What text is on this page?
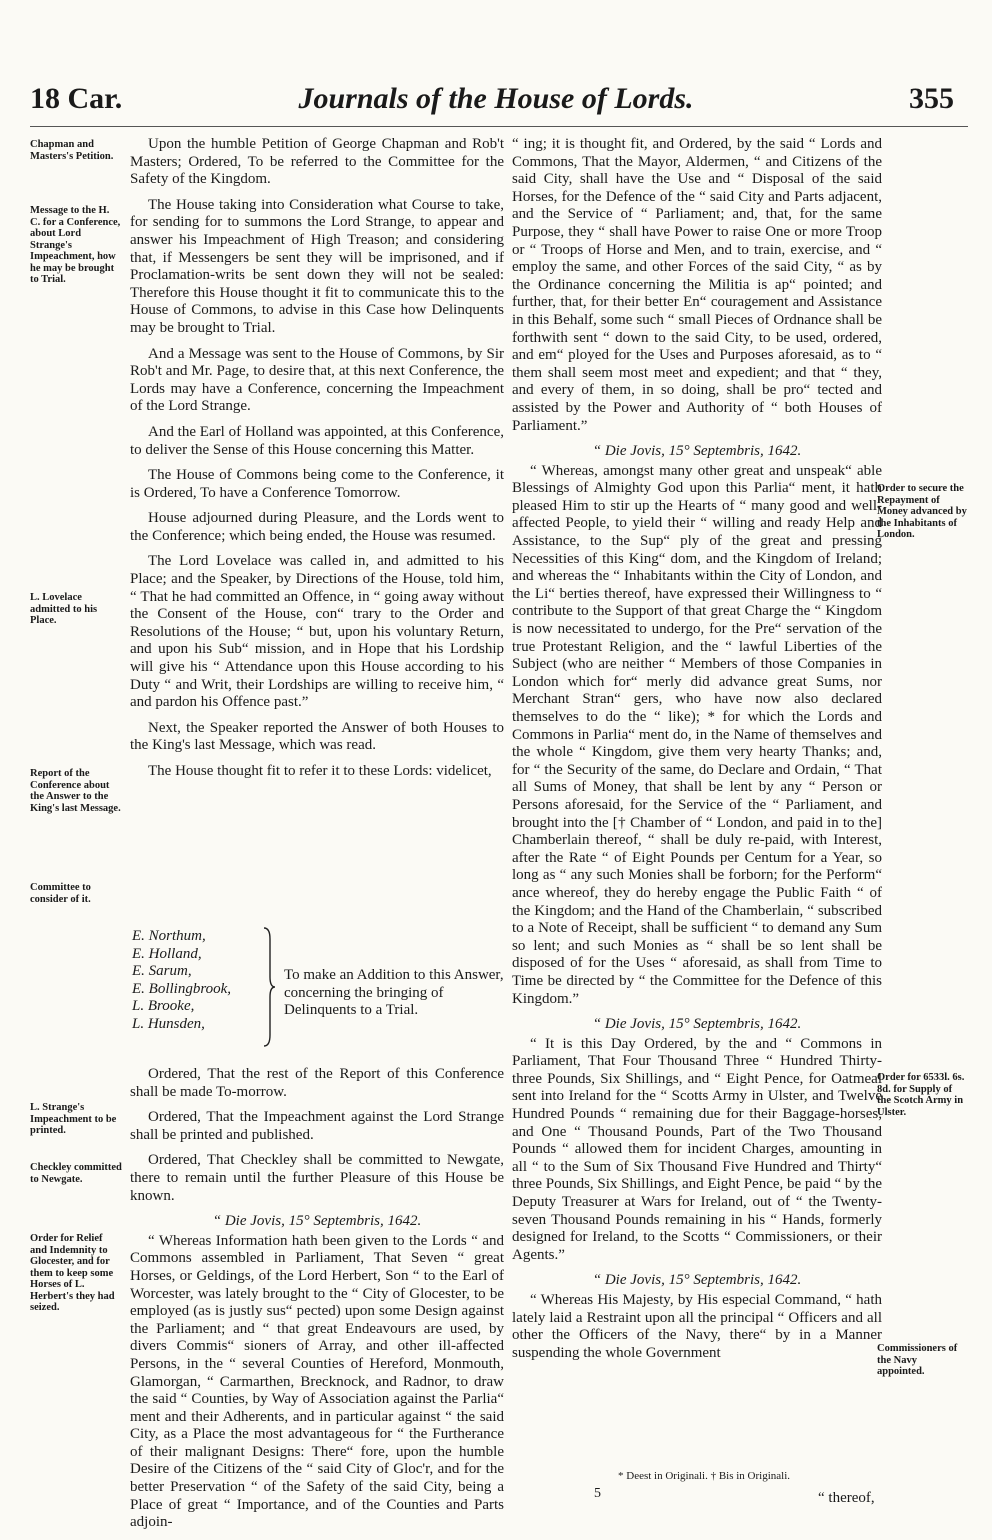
18 Car.	Journals of the House of Lords.	355
Chapman and Masters's Petition.
Message to the H. C. for a Conference, about Lord Strange's Impeachment, how he may be brought to Trial.
L. Lovelace admitted to his Place.
Report of the Conference about the Answer to the King's last Message.
Committee to consider of it.
L. Strange's Impeachment to be printed.
Checkley committed to Newgate.
Order for Relief and Indemnity to Glocester, and for them to keep some Horses of L. Herbert's they had seized.
Order to secure the Repayment of Money advanced by the Inhabitants of London.
Order for 6533l. 6s. 8d. for Supply of the Scotch Army in Ulster.
Commissioners of the Navy appointed.

Upon the humble Petition of George Chapman and Rob't Masters; Ordered, To be referred to the Committee for the Safety of the Kingdom.

The House taking into Consideration what Course to take, for sending for to summons the Lord Strange, to appear and answer his Impeachment of High Treason; and considering that, if Messengers be sent they will be imprisoned, and if Proclamation-writs be sent down they will not be sealed: Therefore this House thought it fit to communicate this to the House of Commons, to advise in this Case how Delinquents may be brought to Trial.

And a Message was sent to the House of Commons, by Sir Rob't and Mr. Page, to desire that, at this next Conference, the Lords may have a Conference, concerning the Impeachment of the Lord Strange.

And the Earl of Holland was appointed, at this Conference, to deliver the Sense of this House concerning this Matter.

The House of Commons being come to the Conference, it is Ordered, To have a Conference Tomorrow.

House adjourned during Pleasure, and the Lords went to the Conference; which being ended, the House was resumed.

The Lord Lovelace was called in, and admitted to his Place; and the Speaker, by Directions of the House, told him, “ That he had committed an Offence, in “ going away without the Consent of the House, con“ trary to the Order and Resolutions of the House; “ but, upon his voluntary Return, and upon his Sub“ mission, and in Hope that his Lordship will give his “ Attendance upon this House according to his Duty “ and Writ, their Lordships are willing to receive him, “ and pardon his Offence past.”

Next, the Speaker reported the Answer of both Houses to the King's last Message, which was read.

The House thought fit to refer it to these Lords: videlicet,

E. Northum,
E. Holland,
E. Sarum,
E. Bollingbrook,
L. Brooke,
L. Hunsden,
To make an Addition to this Answer, concerning the bringing of Delinquents to a Trial.

Ordered, That the rest of the Report of this Conference shall be made To-morrow.

Ordered, That the Impeachment against the Lord Strange shall be printed and published.

Ordered, That Checkley shall be committed to Newgate, there to remain until the further Pleasure of this House be known.

“ Die Jovis, 15° Septembris, 1642.

“ Whereas Information hath been given to the Lords “ and Commons assembled in Parliament, That Seven “ great Horses, or Geldings, of the Lord Herbert, Son “ to the Earl of Worcester, was lately brought to the “ City of Glocester, to be employed (as is justly sus“ pected) upon some Design against the Parliament; and “ that great Endeavours are used, by divers Commis“ sioners of Array, and other ill-affected Persons, in the “ several Counties of Hereford, Monmouth, Glamorgan, “ Carmarthen, Brecknock, and Radnor, to draw the said “ Counties, by Way of Association against the Parlia“ ment and their Adherents, and in particular against “ the said City, as a Place the most advantageous for “ the Furtherance of their malignant Designs: There“ fore, upon the humble Desire of the Citizens of the “ said City of Gloc'r, and for the better Preservation “ of the Safety of the said City, being a Place of great “ Importance, and of the Counties and Parts adjoin-

“ ing; it is thought fit, and Ordered, by the said “ Lords and Commons, That the Mayor, Aldermen, “ and Citizens of the said City, shall have the Use and “ Disposal of the said Horses, for the Defence of the “ said City and Parts adjacent, and the Service of “ Parliament; and, that, for the same Purpose, they “ shall have Power to raise One or more Troop or “ Troops of Horse and Men, and to train, exercise, and “ employ the same, and other Forces of the said City, “ as by the Ordinance concerning the Militia is ap“ pointed; and further, that, for their better En“ couragement and Assistance in this Behalf, some such “ small Pieces of Ordnance shall be forthwith sent “ down to the said City, to be used, ordered, and em“ ployed for the Uses and Purposes aforesaid, as to “ them shall seem most meet and expedient; and that “ they, and every of them, in so doing, shall be pro“ tected and assisted by the Power and Authority of “ both Houses of Parliament.”

“ Die Jovis, 15° Septembris, 1642.

“ Whereas, amongst many other great and unspeak“ able Blessings of Almighty God upon this Parlia“ ment, it hath pleased Him to stir up the Hearts of “ many good and well-affected People, to yield their “ willing and ready Help and Assistance, to the Sup“ ply of the great and pressing Necessities of this King“ dom, and the Kingdom of Ireland; and whereas the “ Inhabitants within the City of London, and the Li“ berties thereof, have expressed their Willingness to “ contribute to the Support of that great Charge the “ Kingdom is now necessitated to undergo, for the Pre“ servation of the true Protestant Religion, and the “ lawful Liberties of the Subject (who are neither “ Members of those Companies in London which for“ merly did advance great Sums, nor Merchant Stran“ gers, who have now also declared themselves to do the “ like); * for which the Lords and Commons in Parlia“ ment do, in the Name of themselves and the whole “ Kingdom, give them very hearty Thanks; and, for “ the Security of the same, do Declare and Ordain, “ That all Sums of Money, that shall be lent by any “ Person or Persons aforesaid, for the Service of the “ Parliament, and brought into the [† Chamber of “ London, and paid in to the] Chamberlain thereof, “ shall be duly re-paid, with Interest, after the Rate “ of Eight Pounds per Centum for a Year, so long as “ any such Monies shall be forborn; for the Perform“ ance whereof, they do hereby engage the Public Faith “ of the Kingdom; and the Hand of the Chamberlain, “ subscribed to a Note of Receipt, shall be sufficient “ to demand any Sum so lent; and such Monies as “ shall be so lent shall be disposed of for the Uses “ aforesaid, as shall from Time to Time be directed by “ the Committee for the Defence of this Kingdom.”

“ Die Jovis, 15° Septembris, 1642.

“ It is this Day Ordered, by the and “ Commons in Parliament, That Four Thousand Three “ Hundred Thirty-three Pounds, Six Shillings, and “ Eight Pence, for Oatmeal sent into Ireland for the “ Scotts Army in Ulster, and Twelve Hundred Pounds “ remaining due for their Baggage-horses, and One “ Thousand Pounds, Part of the Two Thousand Pounds “ allowed them for incident Charges, amounting in all “ to the Sum of Six Thousand Five Hundred and Thirty“ three Pounds, Six Shillings, and Eight Pence, be paid “ by the Deputy Treasurer at Wars for Ireland, out of “ the Twenty-seven Thousand Pounds remaining in his “ Hands, formerly designed for Ireland, to the Scotts “ Commissioners, or their Agents.”

“ Die Jovis, 15° Septembris, 1642.

“ Whereas His Majesty, by His especial Command, “ hath lately laid a Restraint upon all the principal “ Officers and all other the Officers of the Navy, there“ by in a Manner suspending the whole Government

* Deest in Originali. † Bis in Originali.
5	“ thereof,
